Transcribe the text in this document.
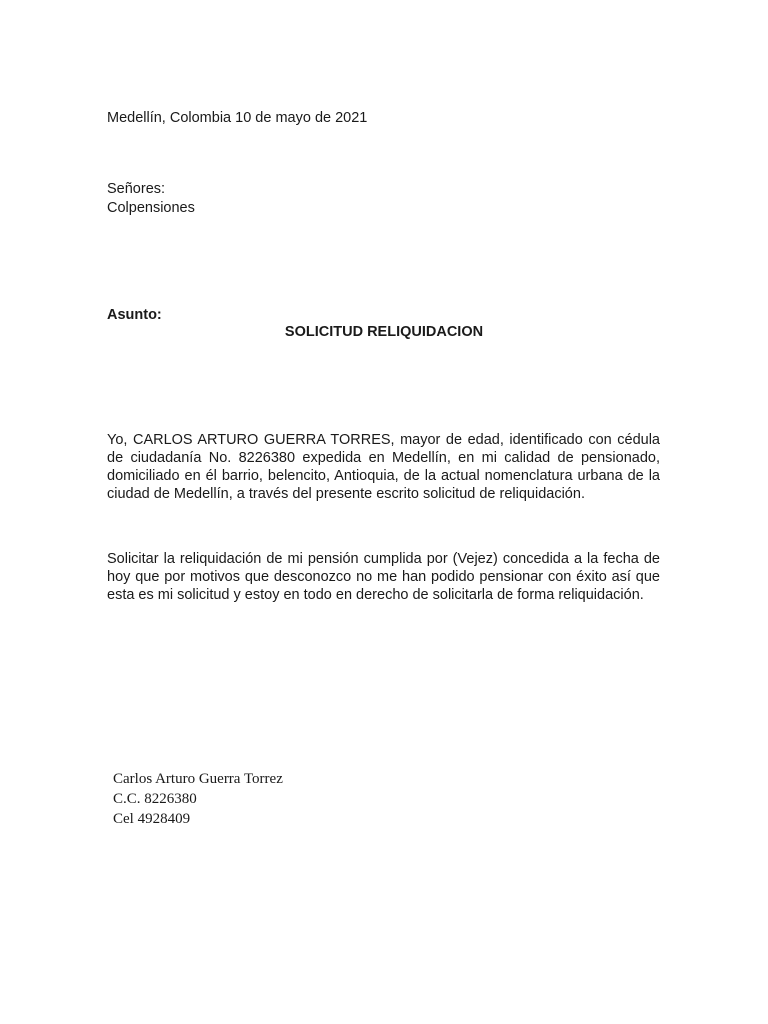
Medellín, Colombia 10 de mayo de 2021
Señores:
Colpensiones
Asunto:
SOLICITUD RELIQUIDACION

Yo, CARLOS ARTURO GUERRA TORRES, mayor de edad, identificado con cédula de ciudadanía No. 8226380 expedida en Medellín, en mi calidad de pensionado, domiciliado en él barrio, belencito, Antioquia, de la actual nomenclatura urbana de la ciudad de Medellín, a través del presente escrito solicitud de reliquidación.

Solicitar la reliquidación de mi pensión cumplida por (Vejez) concedida a la fecha de hoy que por motivos que desconozco no me han podido pensionar con éxito así que esta es mi solicitud y estoy en todo en derecho de solicitarla de forma reliquidación.

Carlos Arturo Guerra Torrez
C.C. 8226380
Cel 4928409
